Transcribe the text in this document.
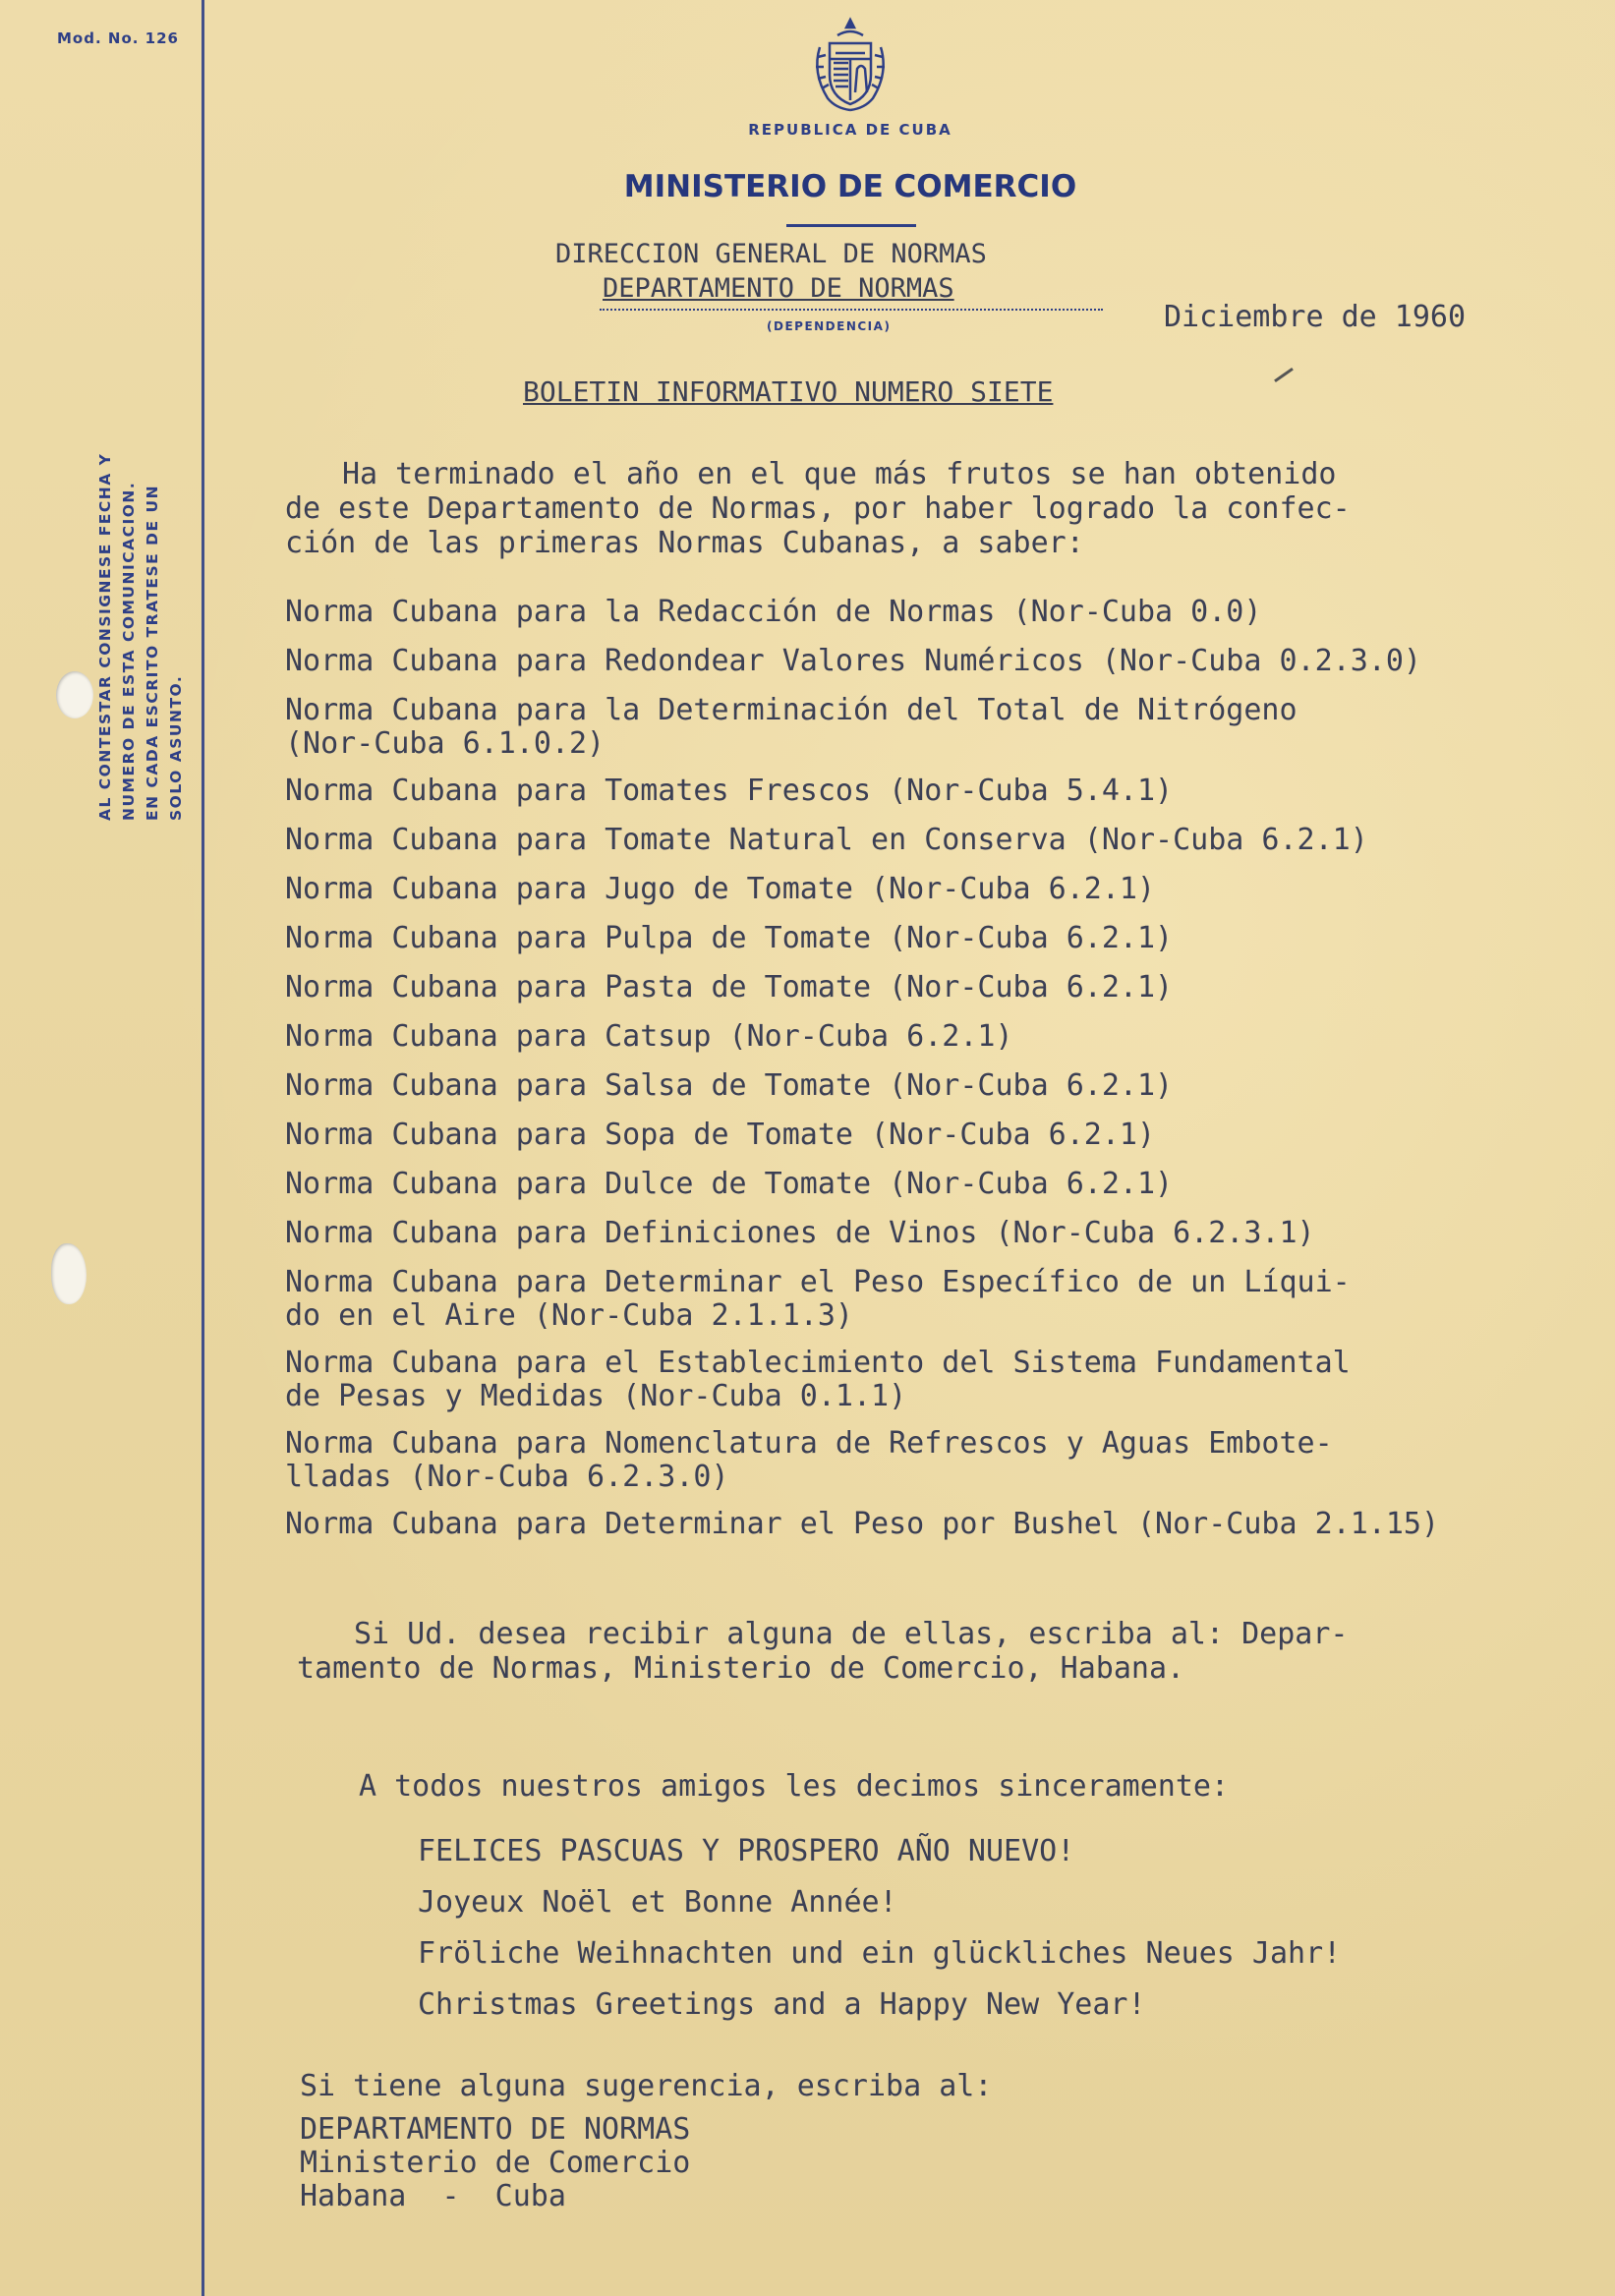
Mod. No. 126
AL CONTESTAR CONSIGNESE FECHA Y NUMERO DE ESTA COMUNICACION. EN CADA ESCRITO TRATESE DE UN SOLO ASUNTO.
REPUBLICA DE CUBA
MINISTERIO DE COMERCIO
DIRECCION GENERAL DE NORMAS
DEPARTAMENTO DE NORMAS
(DEPENDENCIA)	Diciembre de 1960
BOLETIN INFORMATIVO NUMERO SIETE
Ha terminado el año en el que más frutos se han obtenido
de este Departamento de Normas, por haber logrado la confec-
ción de las primeras Normas Cubanas, a saber:
Norma Cubana para la Redacción de Normas (Nor-Cuba 0.0)
Norma Cubana para Redondear Valores Numéricos (Nor-Cuba 0.2.3.0)
Norma Cubana para la Determinación del Total de Nitrógeno
(Nor-Cuba 6.1.0.2)
Norma Cubana para Tomates Frescos (Nor-Cuba 5.4.1)
Norma Cubana para Tomate Natural en Conserva (Nor-Cuba 6.2.1)
Norma Cubana para Jugo de Tomate (Nor-Cuba 6.2.1)
Norma Cubana para Pulpa de Tomate (Nor-Cuba 6.2.1)
Norma Cubana para Pasta de Tomate (Nor-Cuba 6.2.1)
Norma Cubana para Catsup (Nor-Cuba 6.2.1)
Norma Cubana para Salsa de Tomate (Nor-Cuba 6.2.1)
Norma Cubana para Sopa de Tomate (Nor-Cuba 6.2.1)
Norma Cubana para Dulce de Tomate (Nor-Cuba 6.2.1)
Norma Cubana para Definiciones de Vinos (Nor-Cuba 6.2.3.1)
Norma Cubana para Determinar el Peso Específico de un Líqui-
do en el Aire (Nor-Cuba 2.1.1.3)
Norma Cubana para el Establecimiento del Sistema Fundamental
de Pesas y Medidas (Nor-Cuba 0.1.1)
Norma Cubana para Nomenclatura de Refrescos y Aguas Embote-
lladas (Nor-Cuba 6.2.3.0)
Norma Cubana para Determinar el Peso por Bushel (Nor-Cuba 2.1.15)
Si Ud. desea recibir alguna de ellas, escriba al: Depar-
tamento de Normas, Ministerio de Comercio, Habana.
A todos nuestros amigos les decimos sinceramente:
FELICES PASCUAS Y PROSPERO AÑO NUEVO!
Joyeux Noël et Bonne Année!
Fröliche Weihnachten und ein glückliches Neues Jahr!
Christmas Greetings and a Happy New Year!
Si tiene alguna sugerencia, escriba al:
DEPARTAMENTO DE NORMAS
Ministerio de Comercio
Habana  -  Cuba
